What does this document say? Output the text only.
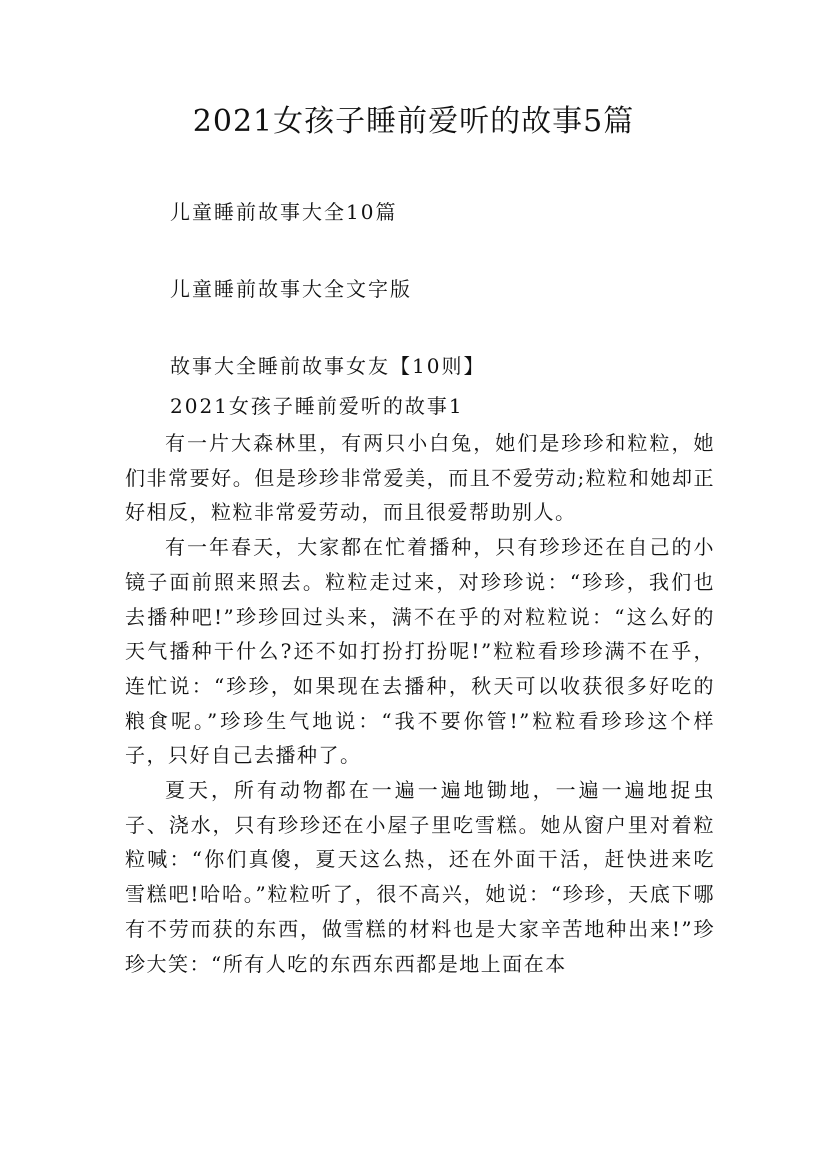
2021女孩子睡前爱听的故事5篇
儿童睡前故事大全10篇
儿童睡前故事大全文字版
故事大全睡前故事女友【10则】
2021女孩子睡前爱听的故事1

有一片大森林里，有两只小白兔，她们是珍珍和粒粒，她们非常要好。但是珍珍非常爱美，而且不爱劳动;粒粒和她却正好相反，粒粒非常爱劳动，而且很爱帮助别人。

有一年春天，大家都在忙着播种，只有珍珍还在自己的小镜子面前照来照去。粒粒走过来，对珍珍说：“珍珍，我们也去播种吧!”珍珍回过头来，满不在乎的对粒粒说：“这么好的天气播种干什么?还不如打扮打扮呢!”粒粒看珍珍满不在乎，连忙说：“珍珍，如果现在去播种，秋天可以收获很多好吃的粮食呢。”珍珍生气地说：“我不要你管!”粒粒看珍珍这个样子，只好自己去播种了。

夏天，所有动物都在一遍一遍地锄地，一遍一遍地捉虫子、浇水，只有珍珍还在小屋子里吃雪糕。她从窗户里对着粒粒喊：“你们真傻，夏天这么热，还在外面干活，赶快进来吃雪糕吧!哈哈。”粒粒听了，很不高兴，她说：“珍珍，天底下哪有不劳而获的东西，做雪糕的材料也是大家辛苦地种出来!”珍珍大笑：“所有人吃的东西东西都是地上面在本
